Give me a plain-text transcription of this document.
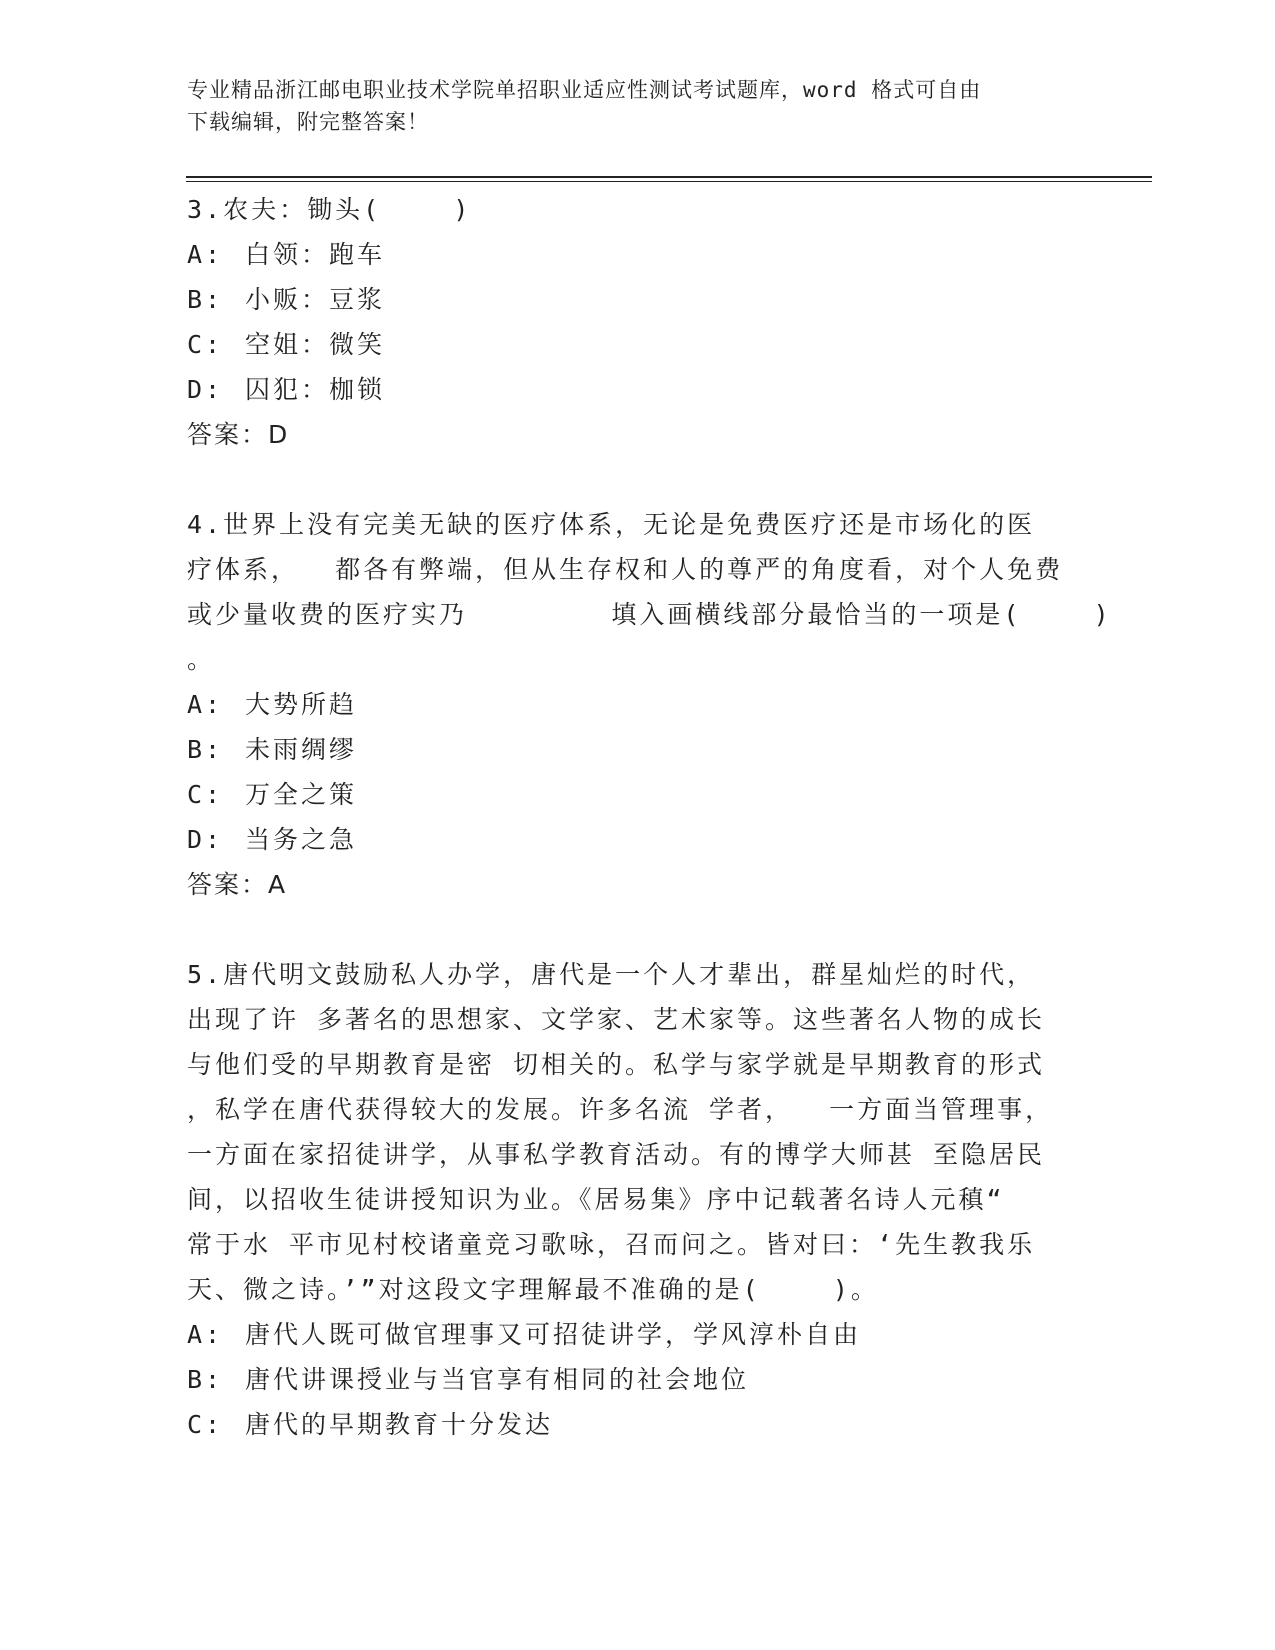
专业精品浙江邮电职业技术学院单招职业适应性测试考试题库，word 格式可自由
下载编辑，附完整答案！
3.农夫：锄头(    )
A: 白领：跑车
B: 小贩：豆浆
C: 空姐：微笑
D: 囚犯：枷锁
答案：D
4.世界上没有完美无缺的医疗体系，无论是免费医疗还是市场化的医
疗体系，  都各有弊端，但从生存权和人的尊严的角度看，对个人免费
或少量收费的医疗实乃        填入画横线部分最恰当的一项是(    )
。
A: 大势所趋
B: 未雨绸缪
C: 万全之策
D: 当务之急
答案：A
5.唐代明文鼓励私人办学，唐代是一个人才辈出，群星灿烂的时代，
出现了许 多著名的思想家、文学家、艺术家等。这些著名人物的成长
与他们受的早期教育是密 切相关的。私学与家学就是早期教育的形式
，私学在唐代获得较大的发展。许多名流 学者，  一方面当管理事，
一方面在家招徒讲学，从事私学教育活动。有的博学大师甚 至隐居民
间，以招收生徒讲授知识为业。《居易集》序中记载著名诗人元稹“
常于水 平市见村校诸童竞习歌咏，召而问之。皆对曰：‘先生教我乐
天、微之诗。’”对这段文字理解最不准确的是(    )。
A: 唐代人既可做官理事又可招徒讲学，学风淳朴自由
B: 唐代讲课授业与当官享有相同的社会地位
C: 唐代的早期教育十分发达
